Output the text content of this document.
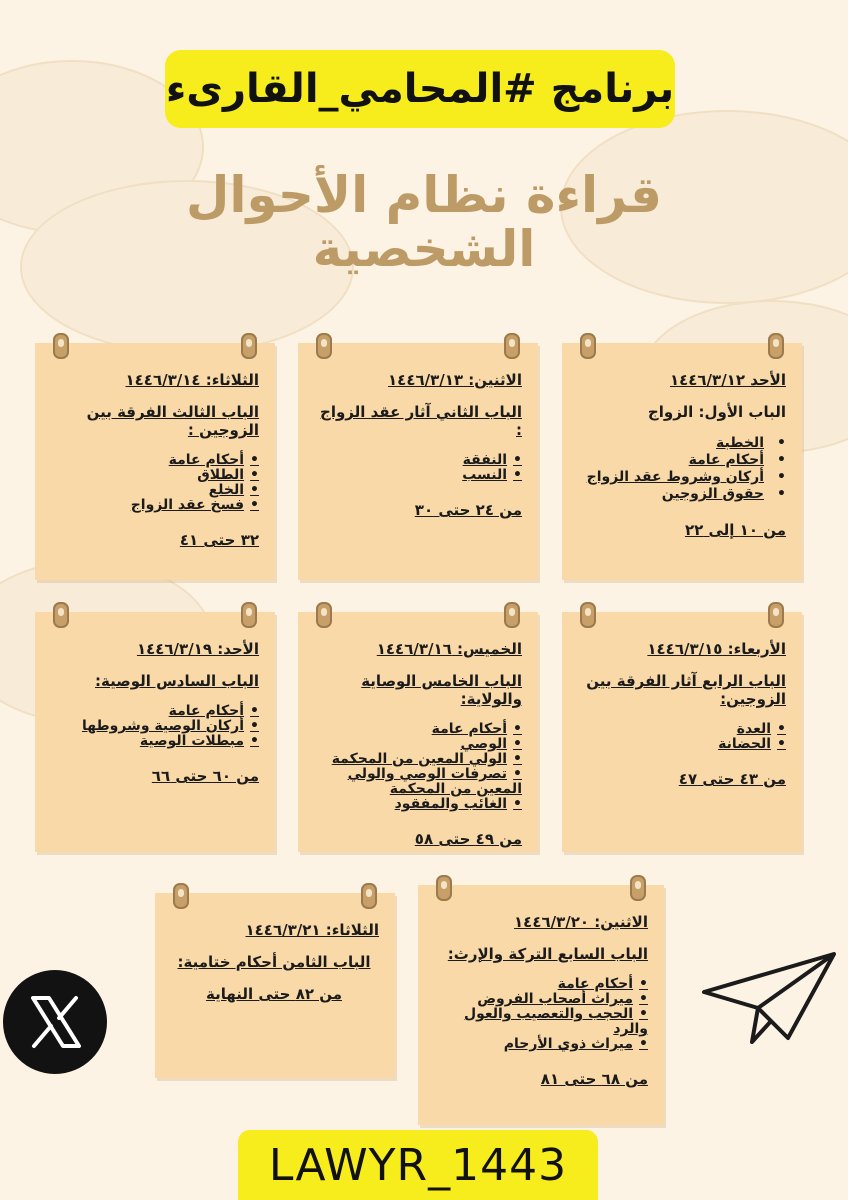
برنامج #المحامي_القارىء
قراءة نظام الأحوال
الشخصية
الأحد ١٤٤٦/٣/١٢
الباب الأول: الزواج
• الخطبة
• أحكام عامة
• أركان وشروط عقد الزواج
• حقوق الزوجين
من ١٠ إلى ٢٢
الاثنين: ١٤٤٦/٣/١٣
الباب الثاني آثار عقد الزواج :
• النفقة
• النسب
من ٢٤ حتى ٣٠
الثلاثاء: ١٤٤٦/٣/١٤
الباب الثالث الفرقة بين الزوجين :
• أحكام عامة
• الطلاق
• الخلع
• فسخ عقد الزواج
٣٢ حتى ٤١
الأربعاء: ١٤٤٦/٣/١٥
الباب الرابع آثار الفرقة بين الزوجين:
• العدة
• الحضانة
من ٤٣ حتى ٤٧
الخميس: ١٤٤٦/٣/١٦
الباب الخامس الوصاية والولاية:
• أحكام عامة
• الوصي
• الولي المعين من المحكمة
• تصرفات الوصي والولي المعين من المحكمة
• الغائب والمفقود
من ٤٩ حتى ٥٨
الأحد: ١٤٤٦/٣/١٩
الباب السادس الوصية:
• أحكام عامة
• أركان الوصية وشروطها
• مبطلات الوصية
من ٦٠ حتى ٦٦
الاثنين: ١٤٤٦/٣/٢٠
الباب السابع التركة والإرث:
• أحكام عامة
• ميراث أصحاب الفروض
• الحجب والتعصيب والعول والرد
• ميراث ذوي الأرحام
من ٦٨ حتى ٨١
الثلاثاء: ١٤٤٦/٣/٢١
الباب الثامن أحكام ختامية:
من ٨٢ حتى النهاية
LAWYR_1443
